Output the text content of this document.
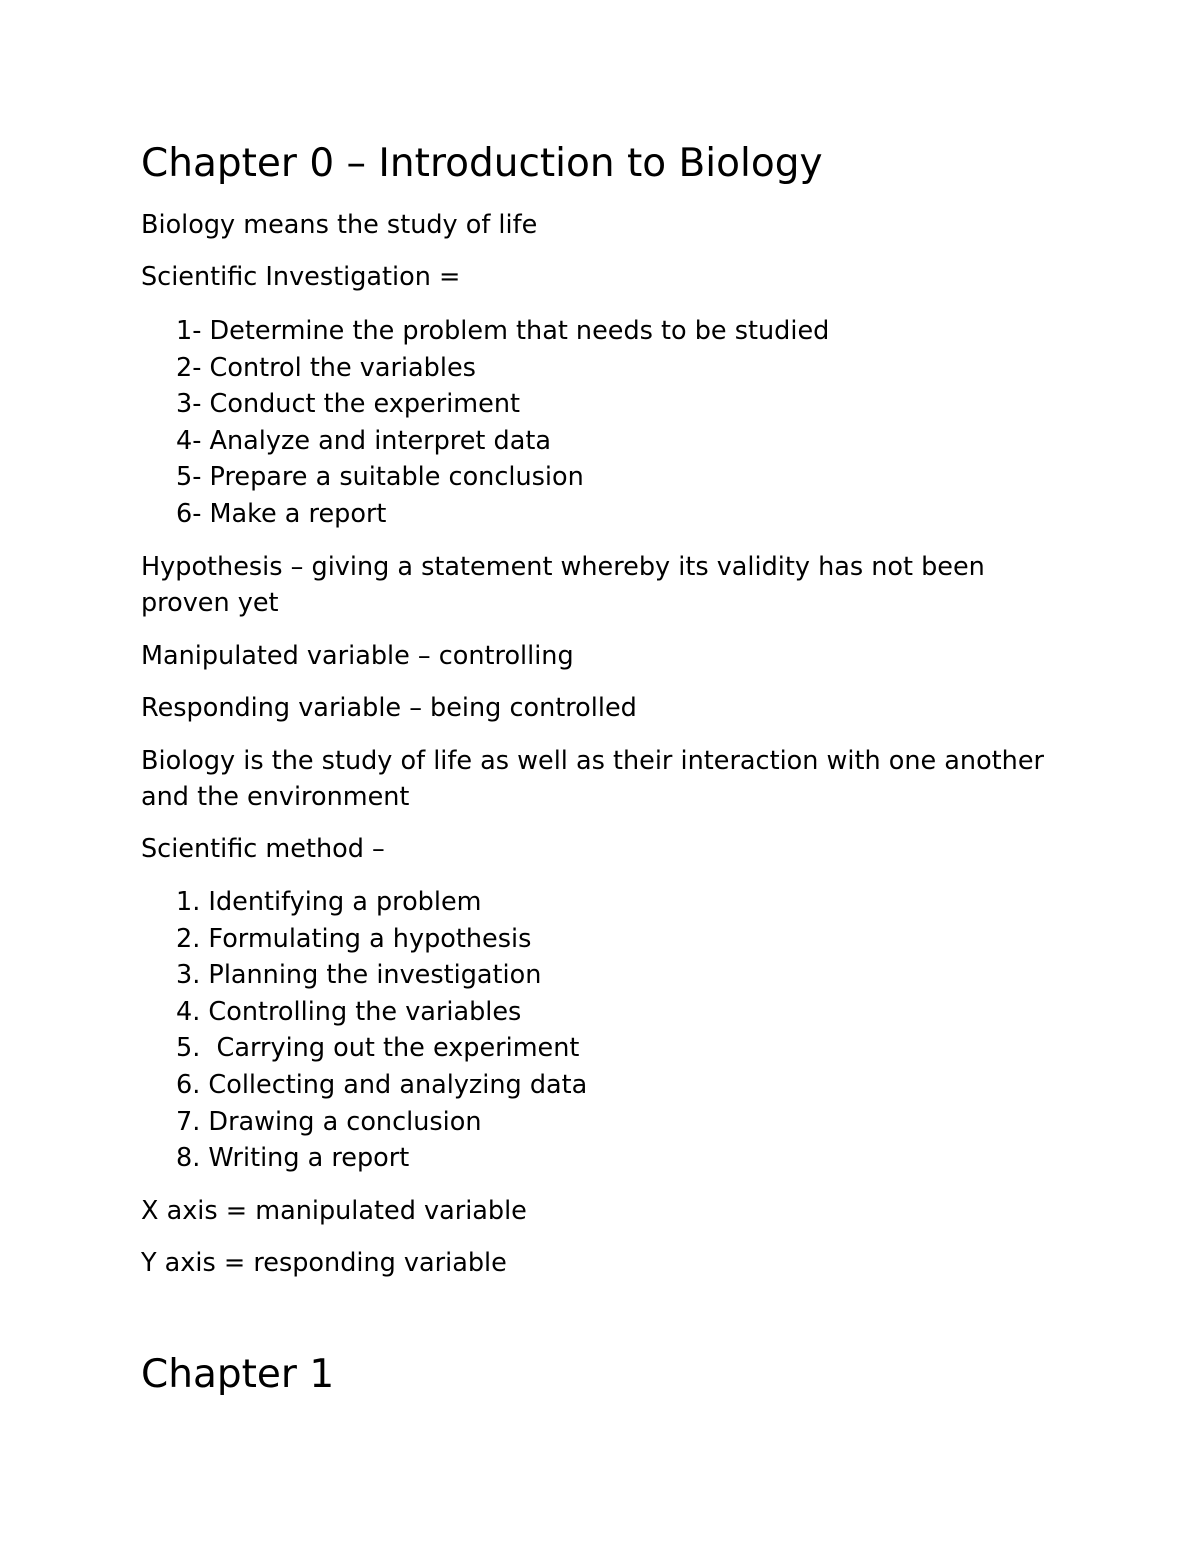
Chapter 0 – Introduction to Biology

Biology means the study of life

Scientific Investigation =

1- Determine the problem that needs to be studied
2- Control the variables
3- Conduct the experiment
4- Analyze and interpret data
5- Prepare a suitable conclusion
6- Make a report

Hypothesis – giving a statement whereby its validity has not been proven yet

Manipulated variable – controlling

Responding variable – being controlled

Biology is the study of life as well as their interaction with one another and the environment

Scientific method –

1. Identifying a problem
2. Formulating a hypothesis
3. Planning the investigation
4. Controlling the variables
5.  Carrying out the experiment
6. Collecting and analyzing data
7. Drawing a conclusion
8. Writing a report

X axis = manipulated variable

Y axis = responding variable

Chapter 1
